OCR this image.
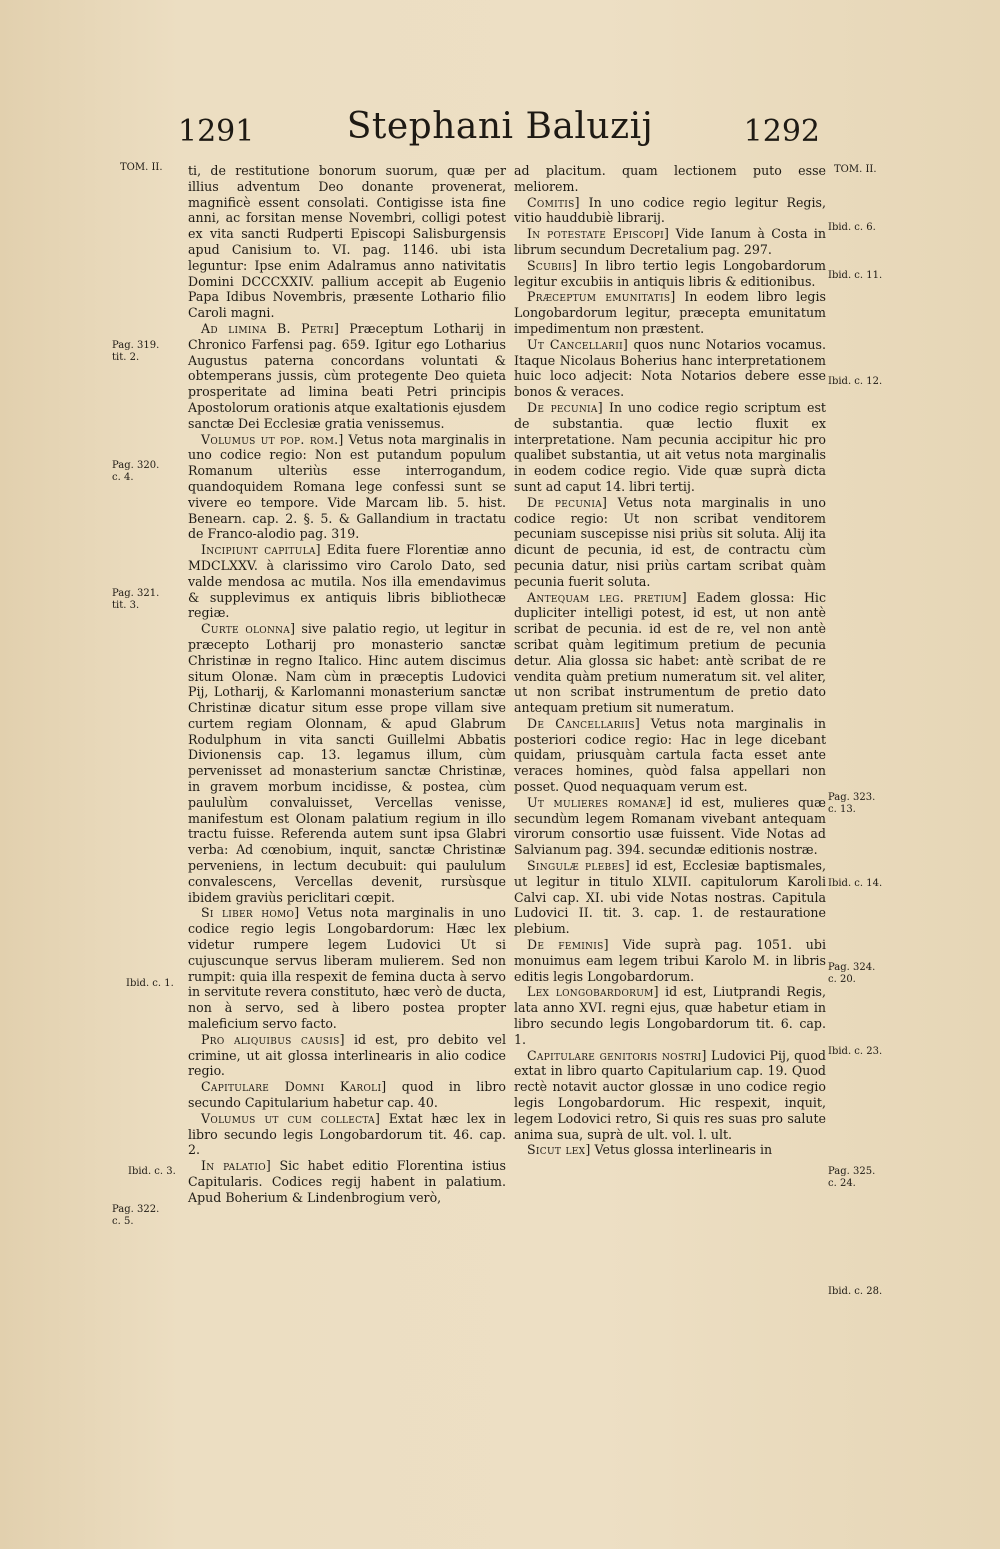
1291	Stephani Baluzij	1292
TOM. II.
Pag. 319.
tit. 2.
Pag. 320.
c. 4.
Pag. 321.
tit. 3.
Ibid. c. 1.
Ibid. c. 3.
Pag. 322.
c. 5.
TOM. II.
Ibid. c. 6.
Ibid. c. 11.
Ibid. c. 12.
Pag. 323.
c. 13.
Ibid. c. 14.
Pag. 324.
c. 20.
Ibid. c. 23.
Pag. 325.
c. 24.
Ibid. c. 28.

ti, de restitutione bonorum suorum, quæ per illius adventum Deo donante provenerat, magnificè essent consolati. Contigisse ista fine anni, ac forsitan mense Novembri, colligi potest ex vita sancti Rudperti Episcopi Salisburgensis apud Canisium to. VI. pag. 1146. ubi ista leguntur: Ipse enim Adalramus anno nativitatis Domini DCCCXXIV. pallium accepit ab Eugenio Papa Idibus Novembris, præsente Lothario filio Caroli magni.

Ad limina B. Petri] Præceptum Lotharij in Chronico Farfensi pag. 659. Igitur ego Lotharius Augustus paterna concordans voluntati & obtemperans jussis, cùm protegente Deo quieta prosperitate ad limina beati Petri principis Apostolorum orationis atque exaltationis ejusdem sanctæ Dei Ecclesiæ gratia venissemus.

Volumus ut pop. rom.] Vetus nota marginalis in uno codice regio: Non est putandum populum Romanum ulteriùs esse interrogandum, quandoquidem Romana lege confessi sunt se vivere eo tempore. Vide Marcam lib. 5. hist. Benearn. cap. 2. §. 5. & Gallandium in tractatu de Franco-alodio pag. 319.

Incipiunt capitula] Edita fuere Florentiæ anno MDCLXXV. à clarissimo viro Carolo Dato, sed valde mendosa ac mutila. Nos illa emendavimus & supplevimus ex antiquis libris bibliothecæ regiæ.

Curte olonna] sive palatio regio, ut legitur in præcepto Lotharij pro monasterio sanctæ Christinæ in regno Italico. Hinc autem discimus situm Olonæ. Nam cùm in præceptis Ludovici Pij, Lotharij, & Karlomanni monasterium sanctæ Christinæ dicatur situm esse prope villam sive curtem regiam Olonnam, & apud Glabrum Rodulphum in vita sancti Guillelmi Abbatis Divionensis cap. 13. legamus illum, cùm pervenisset ad monasterium sanctæ Christinæ, in gravem morbum incidisse, & postea, cùm paululùm convaluisset, Vercellas venisse, manifestum est Olonam palatium regium in illo tractu fuisse. Referenda autem sunt ipsa Glabri verba: Ad cœnobium, inquit, sanctæ Christinæ perveniens, in lectum decubuit: qui paululum convalescens, Vercellas devenit, rursùsque ibidem graviùs periclitari cœpit.

Si liber homo] Vetus nota marginalis in uno codice regio legis Longobardorum: Hæc lex videtur rumpere legem Ludovici Ut si cujuscunque servus liberam mulierem. Sed non rumpit: quia illa respexit de femina ducta à servo in servitute revera constituto, hæc verò de ducta, non à servo, sed à libero postea propter maleficium servo facto.

Pro aliquibus causis] id est, pro debito vel crimine, ut ait glossa interlinearis in alio codice regio.

Capitulare Domni Karoli] quod in libro secundo Capitularium habetur cap. 40.

Volumus ut cum collecta] Extat hæc lex in libro secundo legis Longobardorum tit. 46. cap. 2.

In palatio] Sic habet editio Florentina istius Capitularis. Codices regij habent in palatium. Apud Boherium & Lindenbrogium verò,

ad placitum. quam lectionem puto esse meliorem.

Comitis] In uno codice regio legitur Regis, vitio hauddubiè librarij.

In potestate Episcopi] Vide Ianum à Costa in librum secundum Decretalium pag. 297.

Scubiis] In libro tertio legis Longobardorum legitur excubiis in antiquis libris & editionibus.

Præceptum emunitatis] In eodem libro legis Longobardorum legitur, præcepta emunitatum impedimentum non præstent.

Ut Cancellarii] quos nunc Notarios vocamus. Itaque Nicolaus Boherius hanc interpretationem huic loco adjecit: Nota Notarios debere esse bonos & veraces.

De pecunia] In uno codice regio scriptum est de substantia. quæ lectio fluxit ex interpretatione. Nam pecunia accipitur hic pro qualibet substantia, ut ait vetus nota marginalis in eodem codice regio. Vide quæ suprà dicta sunt ad caput 14. libri tertij.

De pecunia] Vetus nota marginalis in uno codice regio: Ut non scribat venditorem pecuniam suscepisse nisi priùs sit soluta. Alij ita dicunt de pecunia, id est, de contractu cùm pecunia datur, nisi priùs cartam scribat quàm pecunia fuerit soluta.

Antequam leg. pretium] Eadem glossa: Hic dupliciter intelligi potest, id est, ut non antè scribat de pecunia. id est de re, vel non antè scribat quàm legitimum pretium de pecunia detur. Alia glossa sic habet: antè scribat de re vendita quàm pretium numeratum sit. vel aliter, ut non scribat instrumentum de pretio dato antequam pretium sit numeratum.

De Cancellariis] Vetus nota marginalis in posteriori codice regio: Hac in lege dicebant quidam, priusquàm cartula facta esset ante veraces homines, quòd falsa appellari non posset. Quod nequaquam verum est.

Ut mulieres romanæ] id est, mulieres quæ secundùm legem Romanam vivebant antequam virorum consortio usæ fuissent. Vide Notas ad Salvianum pag. 394. secundæ editionis nostræ.

Singulæ plebes] id est, Ecclesiæ baptismales, ut legitur in titulo XLVII. capitulorum Karoli Calvi cap. XI. ubi vide Notas nostras. Capitula Ludovici II. tit. 3. cap. 1. de restauratione plebium.

De feminis] Vide suprà pag. 1051. ubi monuimus eam legem tribui Karolo M. in libris editis legis Longobardorum.

Lex longobardorum] id est, Liutprandi Regis, lata anno XVI. regni ejus, quæ habetur etiam in libro secundo legis Longobardorum tit. 6. cap. 1.

Capitulare genitoris nostri] Ludovici Pij, quod extat in libro quarto Capitularium cap. 19. Quod rectè notavit auctor glossæ in uno codice regio legis Longobardorum. Hic respexit, inquit, legem Lodovici retro, Si quis res suas pro salute anima sua, suprà de ult. vol. l. ult.

Sicut lex] Vetus glossa interlinearis in
